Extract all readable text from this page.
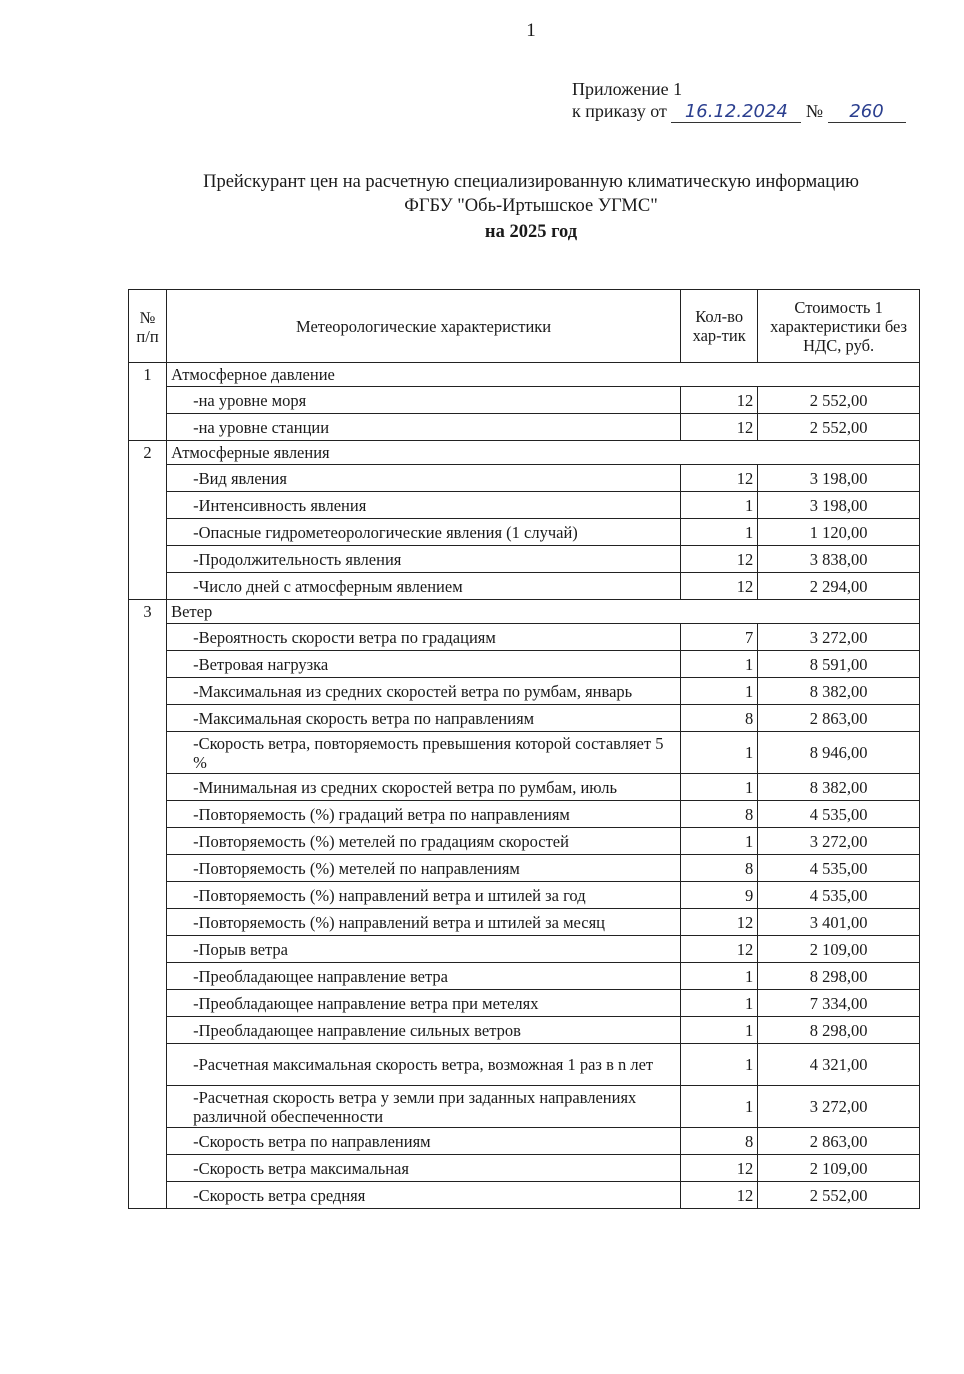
1
Приложение 1
к приказу от 16.12.2024 № 260
Прейскурант цен на расчетную специализированную климатическую информацию
ФГБУ "Обь-Иртышское УГМС"
на 2025 год
№ п/п	Метеорологические характеристики	Кол-во хар-тик	Стоимость 1 характеристики без НДС, руб.
1	Атмосферное давление		
	-на уровне моря	12	2 552,00
	-на уровне станции	12	2 552,00
2	Атмосферные явления		
	-Вид явления	12	3 198,00
	-Интенсивность явления	1	3 198,00
	-Опасные гидрометеорологические явления (1 случай)	1	1 120,00
	-Продолжительность явления	12	3 838,00
	-Число дней с атмосферным явлением	12	2 294,00
3	Ветер		
	-Вероятность скорости ветра по градациям	7	3 272,00
	-Ветровая нагрузка	1	8 591,00
	-Максимальная из средних скоростей ветра по румбам, январь	1	8 382,00
	-Максимальная скорость ветра по направлениям	8	2 863,00
	-Скорость ветра, повторяемость превышения которой составляет 5 %	1	8 946,00
	-Минимальная из средних скоростей ветра по румбам, июль	1	8 382,00
	-Повторяемость (%) градаций ветра по направлениям	8	4 535,00
	-Повторяемость (%) метелей по градациям скоростей	1	3 272,00
	-Повторяемость (%) метелей по направлениям	8	4 535,00
	-Повторяемость (%) направлений ветра и штилей за год	9	4 535,00
	-Повторяемость (%) направлений ветра и штилей за месяц	12	3 401,00
	-Порыв ветра	12	2 109,00
	-Преобладающее направление ветра	1	8 298,00
	-Преобладающее направление ветра при метелях	1	7 334,00
	-Преобладающее направление сильных ветров	1	8 298,00
	-Расчетная максимальная скорость ветра, возможная 1 раз в n лет	1	4 321,00
	-Расчетная скорость ветра у земли при заданных направлениях различной обеспеченности	1	3 272,00
	-Скорость ветра по направлениям	8	2 863,00
	-Скорость ветра максимальная	12	2 109,00
	-Скорость ветра средняя	12	2 552,00
